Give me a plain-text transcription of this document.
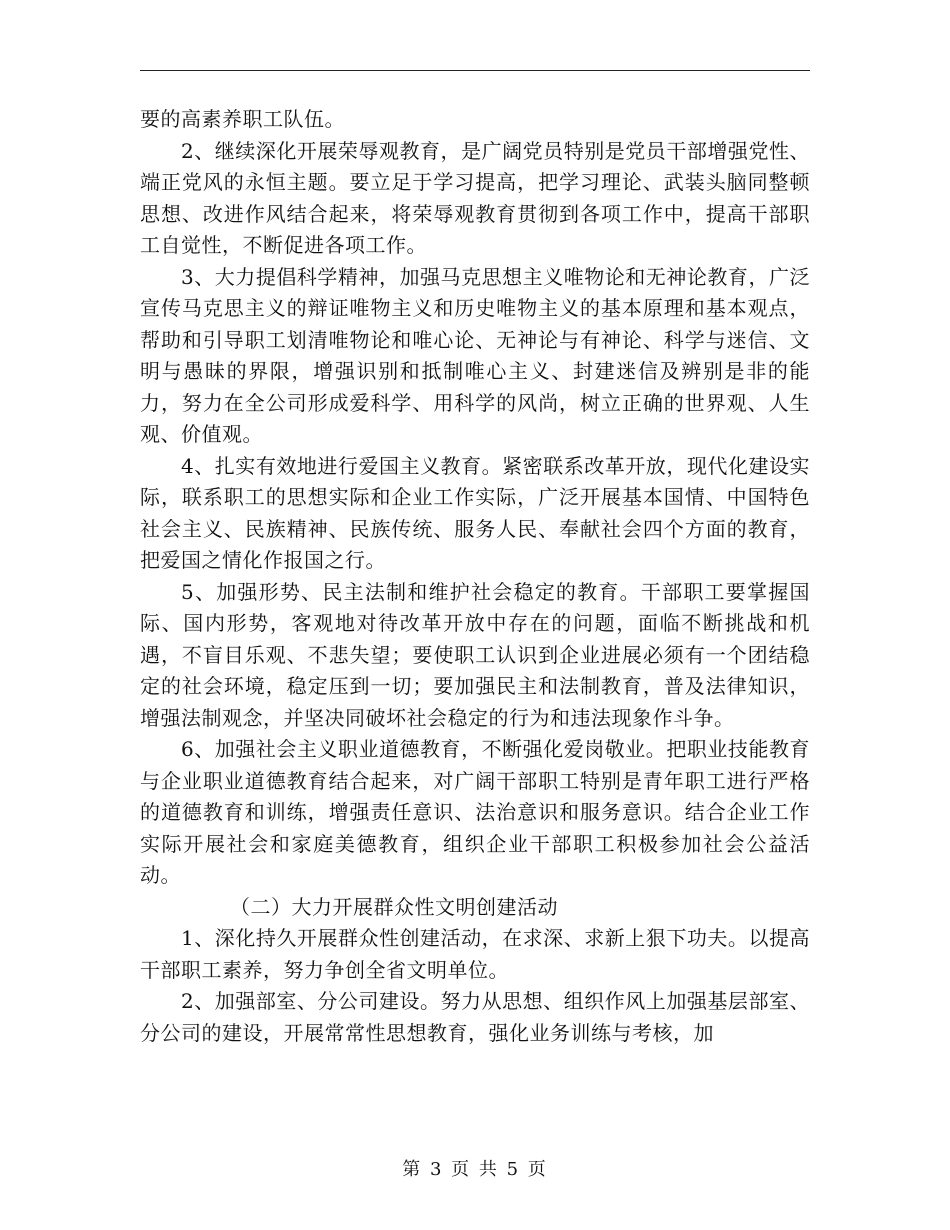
要的高素养职工队伍。

2、继续深化开展荣辱观教育，是广阔党员特别是党员干部增强党性、端正党风的永恒主题。要立足于学习提高，把学习理论、武装头脑同整顿思想、改进作风结合起来，将荣辱观教育贯彻到各项工作中，提高干部职工自觉性，不断促进各项工作。

3、大力提倡科学精神，加强马克思想主义唯物论和无神论教育，广泛宣传马克思主义的辩证唯物主义和历史唯物主义的基本原理和基本观点，帮助和引导职工划清唯物论和唯心论、无神论与有神论、科学与迷信、文明与愚昧的界限，增强识别和抵制唯心主义、封建迷信及辨别是非的能力，努力在全公司形成爱科学、用科学的风尚，树立正确的世界观、人生观、价值观。

4、扎实有效地进行爱国主义教育。紧密联系改革开放，现代化建设实际，联系职工的思想实际和企业工作实际，广泛开展基本国情、中国特色社会主义、民族精神、民族传统、服务人民、奉献社会四个方面的教育，把爱国之情化作报国之行。

5、加强形势、民主法制和维护社会稳定的教育。干部职工要掌握国际、国内形势，客观地对待改革开放中存在的问题，面临不断挑战和机遇，不盲目乐观、不悲失望；要使职工认识到企业进展必须有一个团结稳定的社会环境，稳定压到一切；要加强民主和法制教育，普及法律知识，增强法制观念，并坚决同破坏社会稳定的行为和违法现象作斗争。

6、加强社会主义职业道德教育，不断强化爱岗敬业。把职业技能教育与企业职业道德教育结合起来，对广阔干部职工特别是青年职工进行严格的道德教育和训练，增强责任意识、法治意识和服务意识。结合企业工作实际开展社会和家庭美德教育，组织企业干部职工积极参加社会公益活动。

（二）大力开展群众性文明创建活动

1、深化持久开展群众性创建活动，在求深、求新上狠下功夫。以提高干部职工素养，努力争创全省文明单位。

2、加强部室、分公司建设。努力从思想、组织作风上加强基层部室、分公司的建设，开展常常性思想教育，强化业务训练与考核，加

第 3 页 共 5 页
